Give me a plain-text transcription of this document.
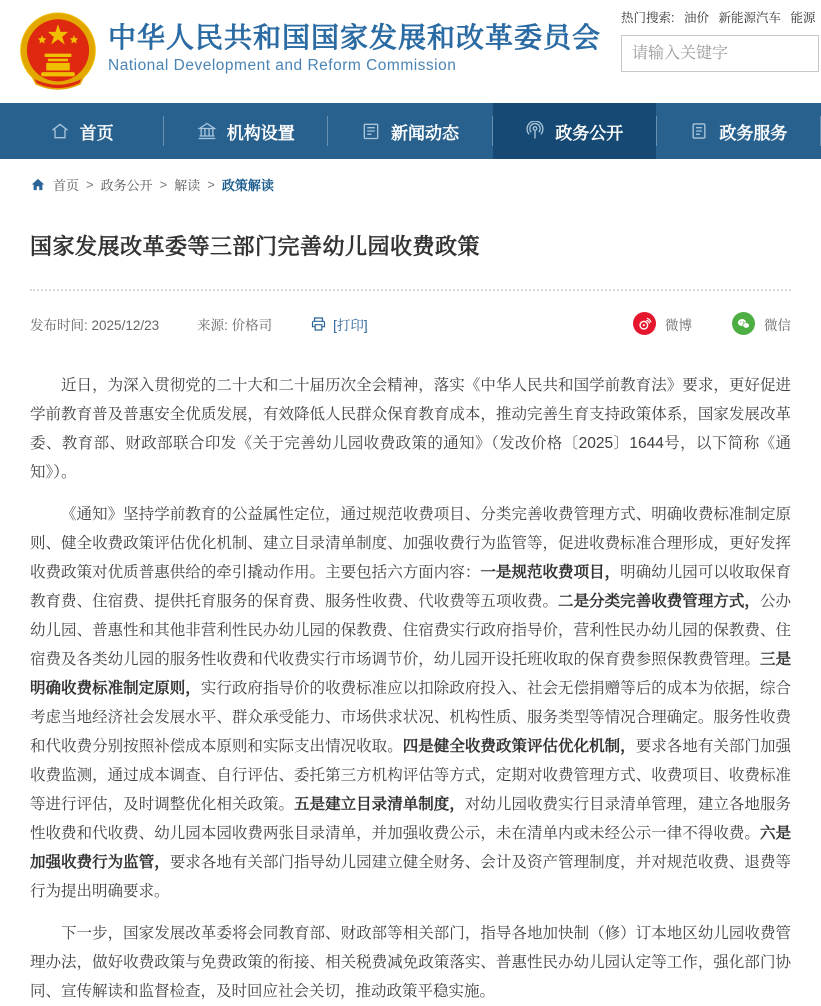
中华人民共和国国家发展和改革委员会
National Development and Reform Commission
热门搜索: 油价 新能源汽车 能源
请输入关键字
首页	机构设置	新闻动态	政务公开	政务服务
首页 > 政务公开 > 解读 > 政策解读
国家发展改革委等三部门完善幼儿园收费政策
发布时间: 2025/12/23	来源: 价格司	[打印]	微博	微信

近日，为深入贯彻党的二十大和二十届历次全会精神，落实《中华人民共和国学前教育法》要求，更好促进学前教育普及普惠安全优质发展，有效降低人民群众保育教育成本，推动完善生育支持政策体系，国家发展改革委、教育部、财政部联合印发《关于完善幼儿园收费政策的通知》（发改价格〔2025〕1644号，以下简称《通知》）。

《通知》坚持学前教育的公益属性定位，通过规范收费项目、分类完善收费管理方式、明确收费标准制定原则、健全收费政策评估优化机制、建立目录清单制度、加强收费行为监管等，促进收费标准合理形成，更好发挥收费政策对优质普惠供给的牵引撬动作用。主要包括六方面内容：一是规范收费项目，明确幼儿园可以收取保育教育费、住宿费、提供托育服务的保育费、服务性收费、代收费等五项收费。二是分类完善收费管理方式，公办幼儿园、普惠性和其他非营利性民办幼儿园的保教费、住宿费实行政府指导价，营利性民办幼儿园的保教费、住宿费及各类幼儿园的服务性收费和代收费实行市场调节价，幼儿园开设托班收取的保育费参照保教费管理。三是明确收费标准制定原则，实行政府指导价的收费标准应以扣除政府投入、社会无偿捐赠等后的成本为依据，综合考虑当地经济社会发展水平、群众承受能力、市场供求状况、机构性质、服务类型等情况合理确定。服务性收费和代收费分别按照补偿成本原则和实际支出情况收取。四是健全收费政策评估优化机制，要求各地有关部门加强收费监测，通过成本调查、自行评估、委托第三方机构评估等方式，定期对收费管理方式、收费项目、收费标准等进行评估，及时调整优化相关政策。五是建立目录清单制度，对幼儿园收费实行目录清单管理，建立各地服务性收费和代收费、幼儿园本园收费两张目录清单，并加强收费公示，未在清单内或未经公示一律不得收费。六是加强收费行为监管，要求各地有关部门指导幼儿园建立健全财务、会计及资产管理制度，并对规范收费、退费等行为提出明确要求。

下一步，国家发展改革委将会同教育部、财政部等相关部门，指导各地加快制（修）订本地区幼儿园收费管理办法，做好收费政策与免费政策的衔接、相关税费减免政策落实、普惠性民办幼儿园认定等工作，强化部门协同、宣传解读和监督检查，及时回应社会关切，推动政策平稳实施。
